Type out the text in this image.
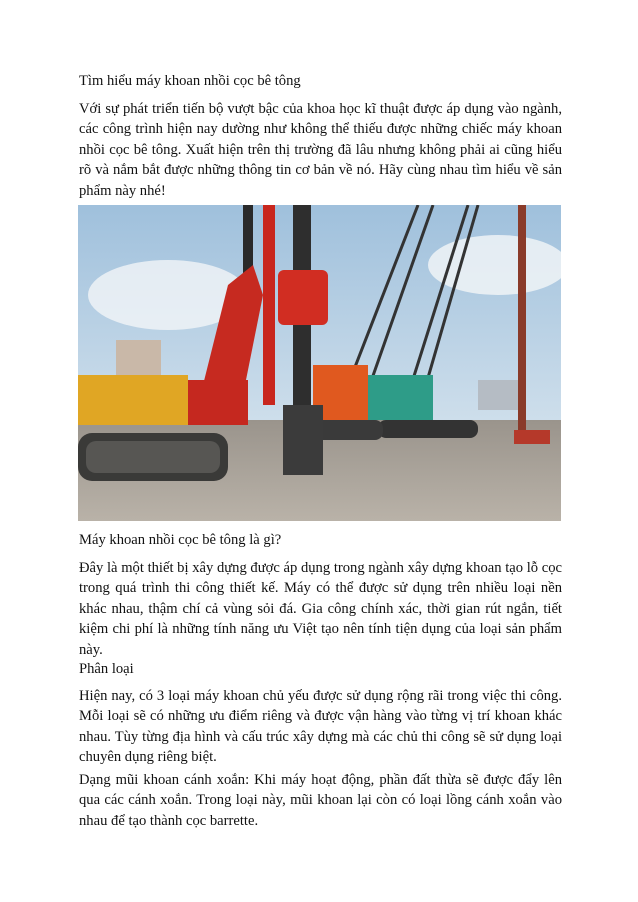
Tìm hiểu máy khoan nhồi cọc bê tông

Với sự phát triển tiến bộ vượt bậc của khoa học kĩ thuật được áp dụng vào ngành, các công trình hiện nay dường như không thể thiếu được những chiếc máy khoan nhồi cọc bê tông. Xuất hiện trên thị trường đã lâu nhưng không phải ai cũng hiểu rõ và nắm bắt được những thông tin cơ bản về nó. Hãy cùng nhau tìm hiểu về sản phẩm này nhé!

Máy khoan nhồi cọc bê tông là gì?

Đây là một thiết bị xây dựng được áp dụng trong ngành xây dựng khoan tạo lỗ cọc trong quá trình thi công thiết kế. Máy có thể được sử dụng trên nhiều loại nền khác nhau, thậm chí cả vùng sỏi đá. Gia công chính xác, thời gian rút ngắn, tiết kiệm chi phí là những tính năng ưu Việt tạo nên tính tiện dụng của loại sản phẩm này.

Phân loại

Hiện nay, có 3 loại máy khoan chủ yếu được sử dụng rộng rãi trong việc thi công. Mỗi loại sẽ có những ưu điểm riêng và được vận hàng vào từng vị trí khoan khác nhau. Tùy từng địa hình và cấu trúc xây dựng mà các chủ thi công sẽ sử dụng loại chuyên dụng riêng biệt.

Dạng mũi khoan cánh xoắn: Khi máy hoạt động, phần đất thừa sẽ được đẩy lên qua các cánh xoắn. Trong loại này, mũi khoan lại còn có loại lồng cánh xoắn vào nhau để tạo thành cọc barrette.
